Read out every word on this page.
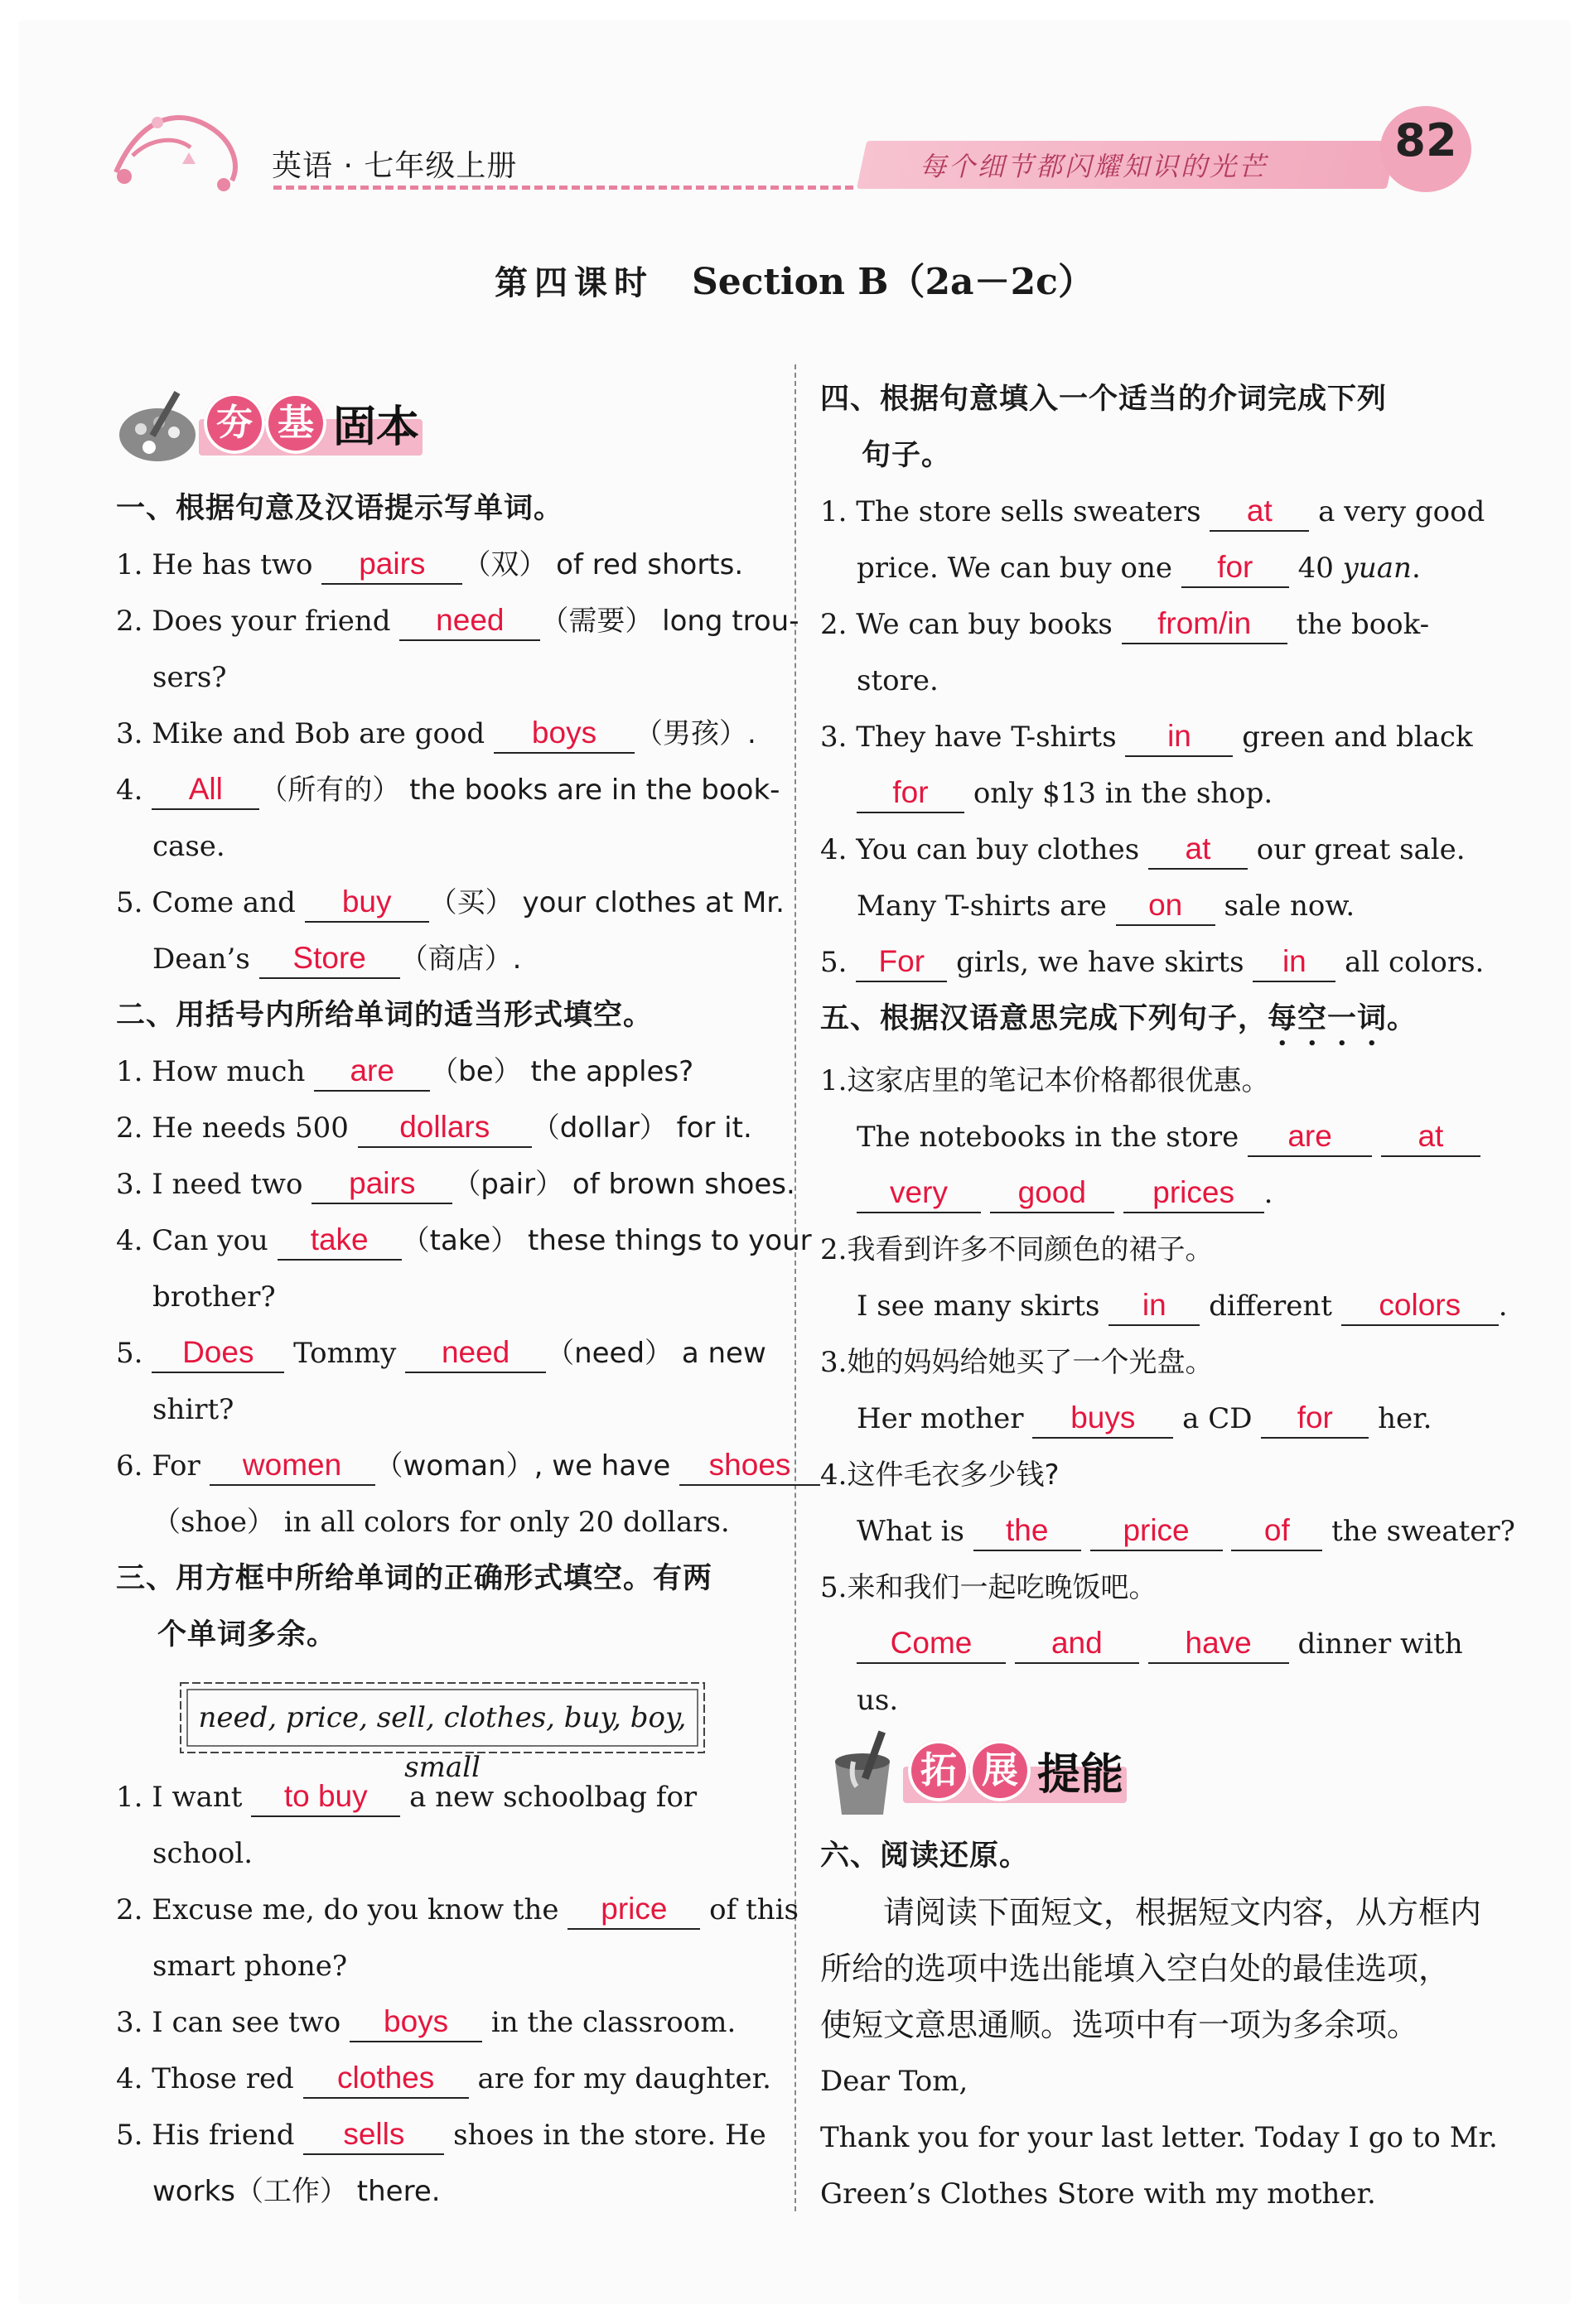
英语 · 七年级上册	每个细节都闪耀知识的光芒	82
第四课时 Section B（2a－2c）
夯 基 固本
一、根据句意及汉语提示写单词。
1. He has two pairs （双） of red shorts.
2. Does your friend need （需要） long trou-
sers?
3. Mike and Bob are good boys （男孩）.
4. All （所有的） the books are in the book-
case.
5. Come and buy （买） your clothes at Mr.
Dean’s Store （商店）.
二、用括号内所给单词的适当形式填空。
1. How much are （be） the apples?
2. He needs 500 dollars （dollar） for it.
3. I need two pairs （pair） of brown shoes.
4. Can you take （take） these things to your
brother?
5. Does Tommy need （need） a new
shirt?
6. For women （woman）, we have shoes
（shoe） in all colors for only 20 dollars.
三、用方框中所给单词的正确形式填空。有两
个单词多余。
need, price, sell, clothes, buy, boy, small
1. I want to buy a new schoolbag for
school.
2. Excuse me, do you know the price of this
smart phone?
3. I can see two boys in the classroom.
4. Those red clothes are for my daughter.
5. His friend sells shoes in the store. He
works（工作） there.
四、根据句意填入一个适当的介词完成下列
句子。
1. The store sells sweaters at a very good
price. We can buy one for 40 yuan.
2. We can buy books from/in the book-
store.
3. They have T-shirts in green and black
for only $13 in the shop.
4. You can buy clothes at our great sale.
Many T-shirts are on sale now.
5. For girls, we have skirts in all colors.
五、根据汉语意思完成下列句子，每空一词。
1.这家店里的笔记本价格都很优惠。
The notebooks in the store are	at
very good prices .
2.我看到许多不同颜色的裙子。
I see many skirts in different colors .
3.她的妈妈给她买了一个光盘。
Her mother buys a CD for her.
4.这件毛衣多少钱?
What is the price of the sweater?
5.来和我们一起吃晚饭吧。
Come	and	have dinner with
us.
拓 展 提能
六、阅读还原。
请阅读下面短文，根据短文内容，从方框内
所给的选项中选出能填入空白处的最佳选项，
使短文意思通顺。选项中有一项为多余项。
Dear Tom,
Thank you for your last letter. Today I go to Mr.
Green’s Clothes Store with my mother.
